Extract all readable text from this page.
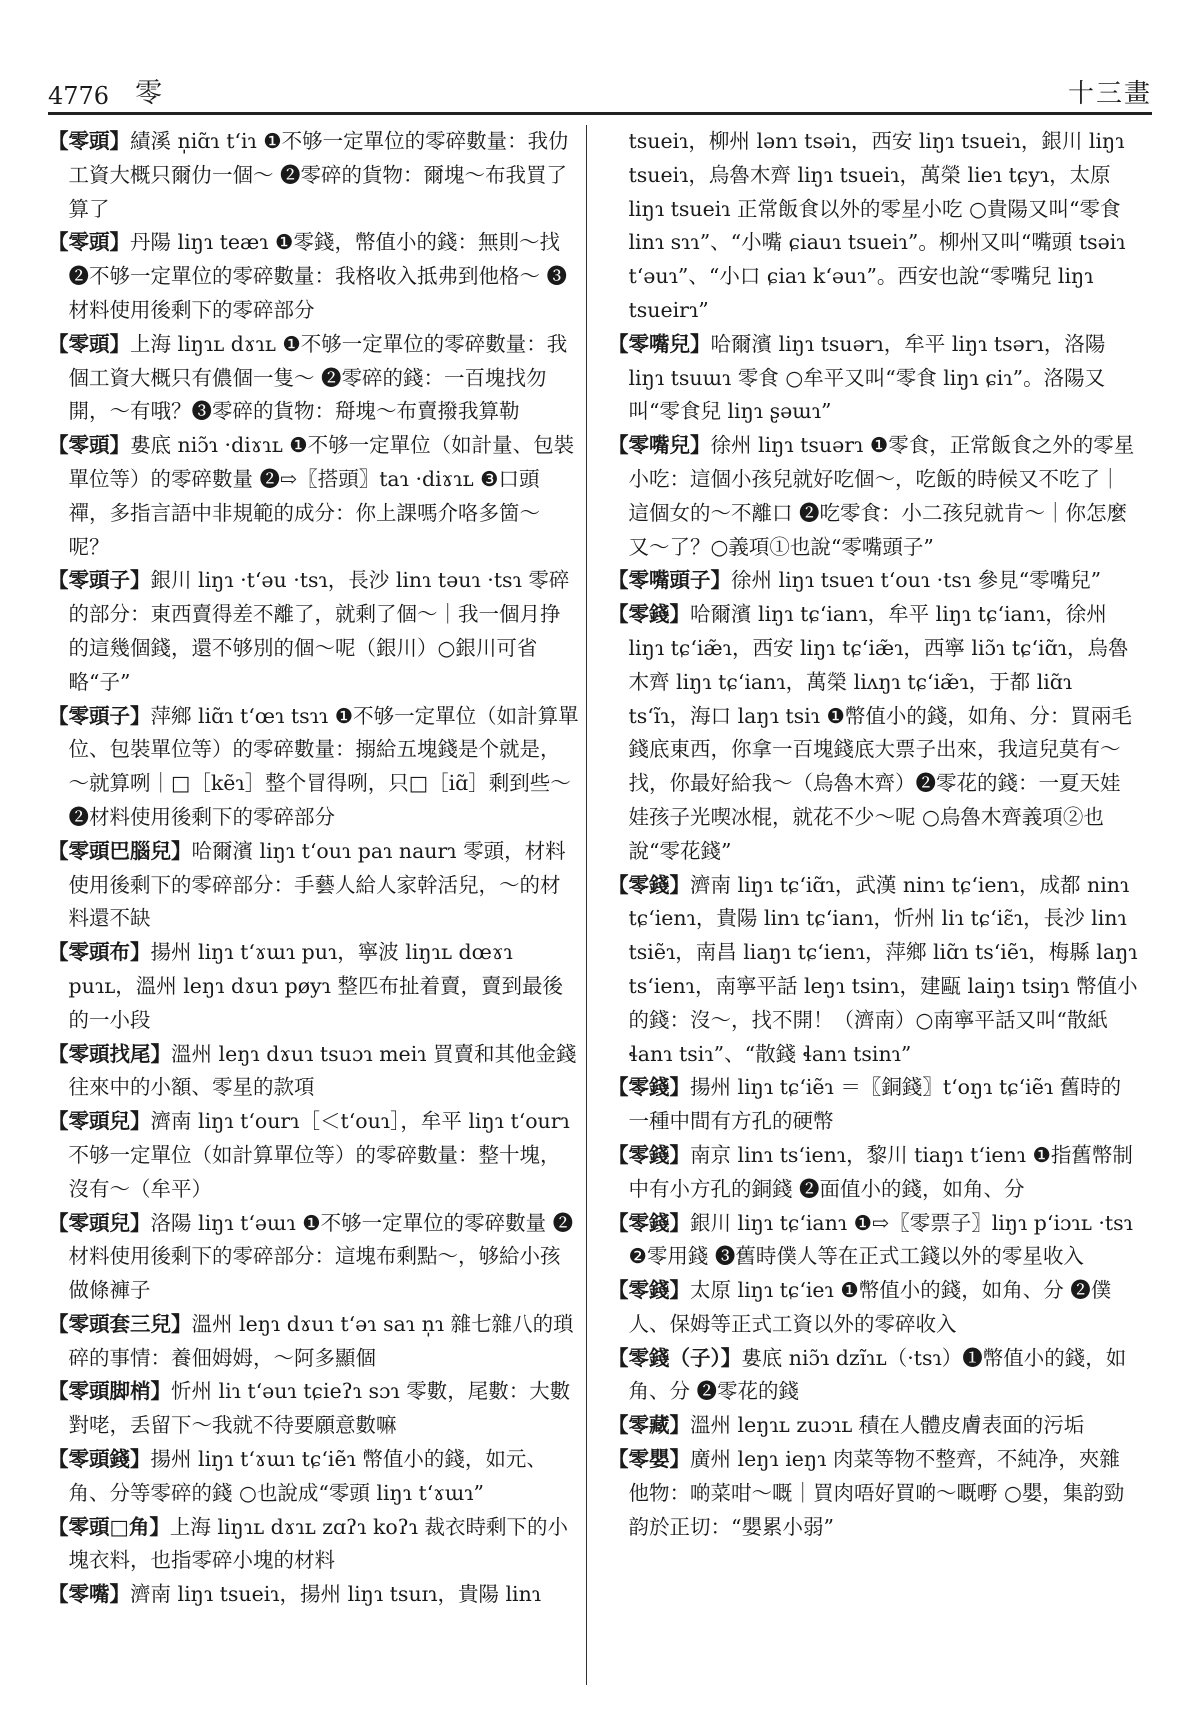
4776 零	十三畫

【零頭】績溪 n̩iɑ̃ɿ tʻiɿ ❶不够一定單位的零碎數量：我仂工資大概只爾仂一個～ ❷零碎的貨物：爾塊～布我買了算了

【零頭】丹陽 liŋɿ teæɿ ❶零錢，幣值小的錢：無則～找 ❷不够一定單位的零碎數量：我格收入抵弗到他格～ ❸材料使用後剩下的零碎部分

【零頭】上海 liŋɿʟ dɤɿʟ ❶不够一定單位的零碎數量：我個工資大概只有儂個一隻～ ❷零碎的錢：一百塊找勿開，～有哦？❸零碎的貨物：搿塊～布賣撥我算勒

【零頭】婁底 niɔ̃ɿ ·diɤɿʟ ❶不够一定單位（如計量、包裝單位等）的零碎數量 ❷⇨〖搭頭〗taɿ ·diɤɿʟ ❸口頭禪，多指言語中非規範的成分：你上課嗎介咯多箇～呢？

【零頭子】銀川 liŋɿ ·tʻəu ·tsɿ，長沙 linɿ təuɿ ·tsɿ 零碎的部分：東西賣得差不離了，就剩了個～｜我一個月挣的這幾個錢，還不够別的個～呢（銀川）○銀川可省略“子”

【零頭子】萍鄉 liɑ̃ɿ tʻœɿ tsɿɿ ❶不够一定單位（如計算單位、包裝單位等）的零碎數量：搦給五塊錢是个就是，～就算咧｜□［kẽɿ］整个冒得咧，只□［iɑ̃］剩到些～ ❷材料使用後剩下的零碎部分

【零頭巴腦兒】哈爾濱 liŋɿ tʻouɿ paɿ naurɿ 零頭，材料使用後剩下的零碎部分：手藝人給人家幹活兒，～的材料還不缺

【零頭布】揚州 liŋɿ tʻɤɯɿ puɿ，寧波 liŋɿʟ dœɤɿ puɿʟ，溫州 leŋɿ dɤuɿ pøyɿ 整匹布扯着賣，賣到最後的一小段

【零頭找尾】溫州 leŋɿ dɤuɿ tsuɔɿ meiɿ 買賣和其他金錢往來中的小額、零星的款項

【零頭兒】濟南 liŋɿ tʻourɿ［＜tʻouɿ］，牟平 liŋɿ tʻourɿ 不够一定單位（如計算單位等）的零碎數量：整十塊，沒有～（牟平）

【零頭兒】洛陽 liŋɿ tʻəɯɿ ❶不够一定單位的零碎數量 ❷材料使用後剩下的零碎部分：這塊布剩點～，够給小孩做條褲子

【零頭套三兒】溫州 leŋɿ dɤuɿ tʻəɿ saɿ n̩ɿ 雜七雜八的瑣碎的事情：養佃姆姆，～阿多顯個

【零頭脚梢】忻州 liɿ tʻəuɿ tɕieʔɿ sɔɿ 零數，尾數：大數對咾，丢留下～我就不待要願意數嘛

【零頭錢】揚州 liŋɿ tʻɤɯɿ tɕʻiẽɿ 幣值小的錢，如元、角、分等零碎的錢 ○也說成“零頭 liŋɿ tʻɤɯɿ”

【零頭□角】上海 liŋɿʟ dɤɿʟ zɑʔɿ koʔɿ 裁衣時剩下的小塊衣料，也指零碎小塊的材料

【零嘴】濟南 liŋɿ tsueiɿ，揚州 liŋɿ tsuɪɿ，貴陽 linɿ

tsueiɿ，柳州 lənɿ tsəiɿ，西安 liŋɿ tsueiɿ，銀川 liŋɿ tsueiɿ，烏魯木齊 liŋɿ tsueiɿ，萬榮 lieɿ tɕyɿ，太原 liŋɿ tsueiɿ 正常飯食以外的零星小吃 ○貴陽又叫“零食 linɿ sɿɿ”、“小嘴 ɕiauɿ tsueiɿ”。柳州又叫“嘴頭 tsəiɿ tʻəuɿ”、“小口 ɕiaɿ kʻəuɿ”。西安也說“零嘴兒 liŋɿ tsueirɿ”

【零嘴兒】哈爾濱 liŋɿ tsuərɿ，牟平 liŋɿ tsərɿ，洛陽 liŋɿ tsuɯɿ 零食 ○牟平又叫“零食 liŋɿ ɕiɿ”。洛陽又叫“零食兒 liŋɿ ʂəɯɿ”

【零嘴兒】徐州 liŋɿ tsuərɿ ❶零食，正常飯食之外的零星小吃：這個小孩兒就好吃個～，吃飯的時候又不吃了｜這個女的～不離口 ❷吃零食：小二孩兒就肯～｜你怎麼又～了？○義項①也說“零嘴頭子”

【零嘴頭子】徐州 liŋɿ tsueɿ tʻouɿ ·tsɿ 參見“零嘴兒”

【零錢】哈爾濱 liŋɿ tɕʻianɿ，牟平 liŋɿ tɕʻianɿ，徐州 liŋɿ tɕʻiæ̃ɿ，西安 liŋɿ tɕʻiæ̃ɿ，西寧 liɔ̃ɿ tɕʻiɑ̃ɿ，烏魯木齊 liŋɿ tɕʻianɿ，萬榮 liʌŋɿ tɕʻiæ̃ɿ，于都 liɑ̃ɿ tsʻĩɿ，海口 laŋɿ tsiɿ ❶幣值小的錢，如角、分：買兩毛錢底東西，你拿一百塊錢底大票子出來，我這兒莫有～找，你最好給我～（烏魯木齊）❷零花的錢：一夏天娃娃孩子光喫冰棍，就花不少～呢 ○烏魯木齊義項②也說“零花錢”

【零錢】濟南 liŋɿ tɕʻiɑ̃ɿ，武漢 ninɿ tɕʻienɿ，成都 ninɿ tɕʻienɿ，貴陽 linɿ tɕʻianɿ，忻州 liɿ tɕʻiɛ̃ɿ，長沙 linɿ tsiẽɿ，南昌 liaŋɿ tɕʻienɿ，萍鄉 liɑ̃ɿ tsʻiẽɿ，梅縣 laŋɿ tsʻienɿ，南寧平話 leŋɿ tsinɿ，建甌 laiŋɿ tsiŋɿ 幣值小的錢：沒～，找不開！（濟南）○南寧平話又叫“散紙 ɬanɿ tsiɿ”、“散錢 ɬanɿ tsinɿ”

【零錢】揚州 liŋɿ tɕʻiẽɿ ＝〖銅錢〗tʻoŋɿ tɕʻiẽɿ 舊時的一種中間有方孔的硬幣

【零錢】南京 linɿ tsʻienɿ，黎川 tiaŋɿ tʻienɿ ❶指舊幣制中有小方孔的銅錢 ❷面值小的錢，如角、分

【零錢】銀川 liŋɿ tɕʻianɿ ❶⇨〖零票子〗liŋɿ pʻiɔɿʟ ·tsɿ ❷零用錢 ❸舊時僕人等在正式工錢以外的零星收入

【零錢】太原 liŋɿ tɕʻieɿ ❶幣值小的錢，如角、分 ❷僕人、保姆等正式工資以外的零碎收入

【零錢（子）】婁底 niɔ̃ɿ dzĩɿʟ（·tsɿ）❶幣值小的錢，如角、分 ❷零花的錢

【零藏】溫州 leŋɿʟ zuɔɿʟ 積在人體皮膚表面的污垢

【零嬰】廣州 leŋɿ ieŋɿ 肉菜等物不整齊，不純净，夾雜他物：啲菜咁～嘅｜買肉唔好買啲～嘅嘢 ○嬰，集韵勁韵於正切：“嬰累小弱”
